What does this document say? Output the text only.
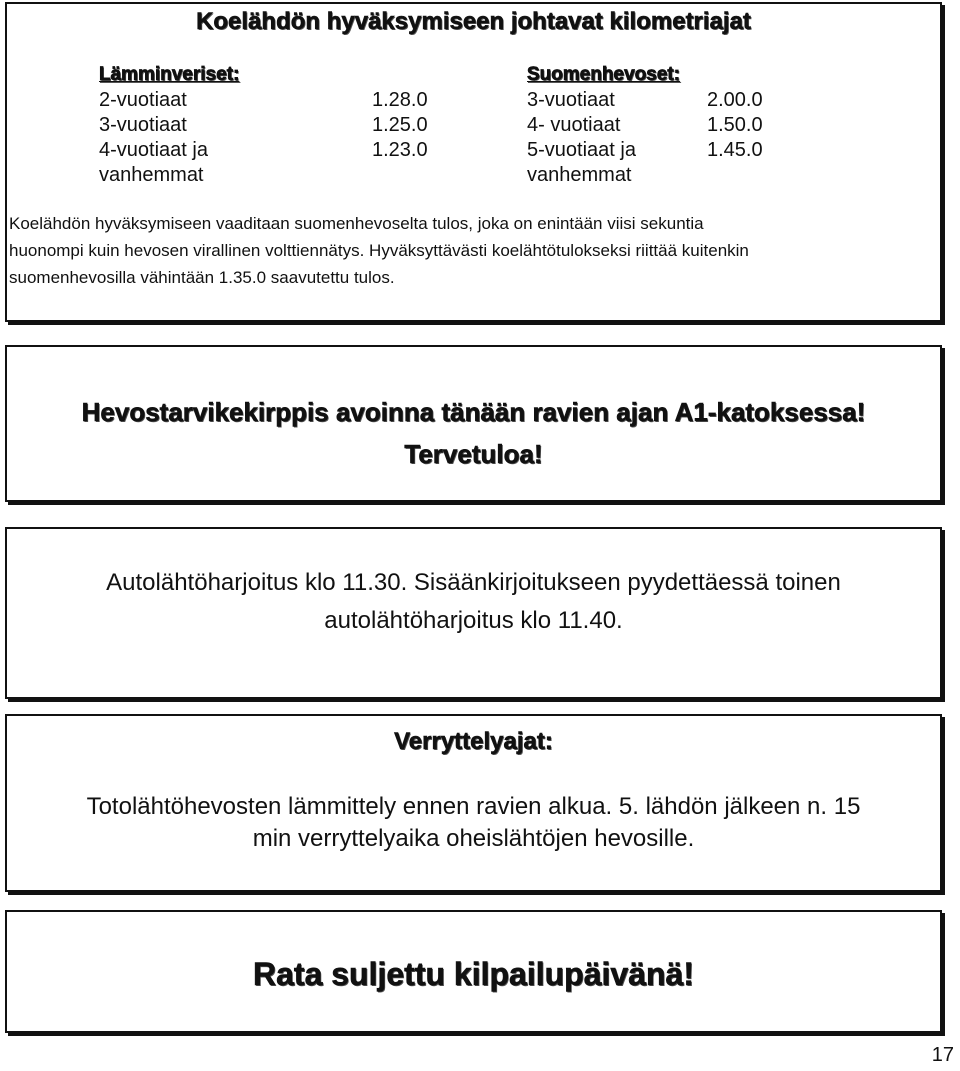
Koelähdön hyväksymiseen johtavat kilometriajat
Lämminveriset:
2-vuotiaat
3-vuotiaat
4-vuotiaat ja
vanhemmat
1.28.0
1.25.0
1.23.0
Suomenhevoset:
3-vuotiaat
4- vuotiaat
5-vuotiaat ja
vanhemmat
2.00.0
1.50.0
1.45.0
Koelähdön hyväksymiseen vaaditaan suomenhevoselta tulos, joka on enintään viisi sekuntia
huonompi kuin hevosen virallinen volttiennätys. Hyväksyttävästi koelähtötulokseksi riittää kuitenkin
suomenhevosilla vähintään 1.35.0 saavutettu tulos.
Hevostarvikekirppis avoinna tänään ravien ajan A1-katoksessa!
Tervetuloa!
Autolähtöharjoitus klo 11.30. Sisäänkirjoitukseen pyydettäessä toinen
autolähtöharjoitus klo 11.40.
Verryttelyajat:
Totolähtöhevosten lämmittely ennen ravien alkua. 5. lähdön jälkeen n. 15
min verryttelyaika oheislähtöjen hevosille.
Rata suljettu kilpailupäivänä!
17
